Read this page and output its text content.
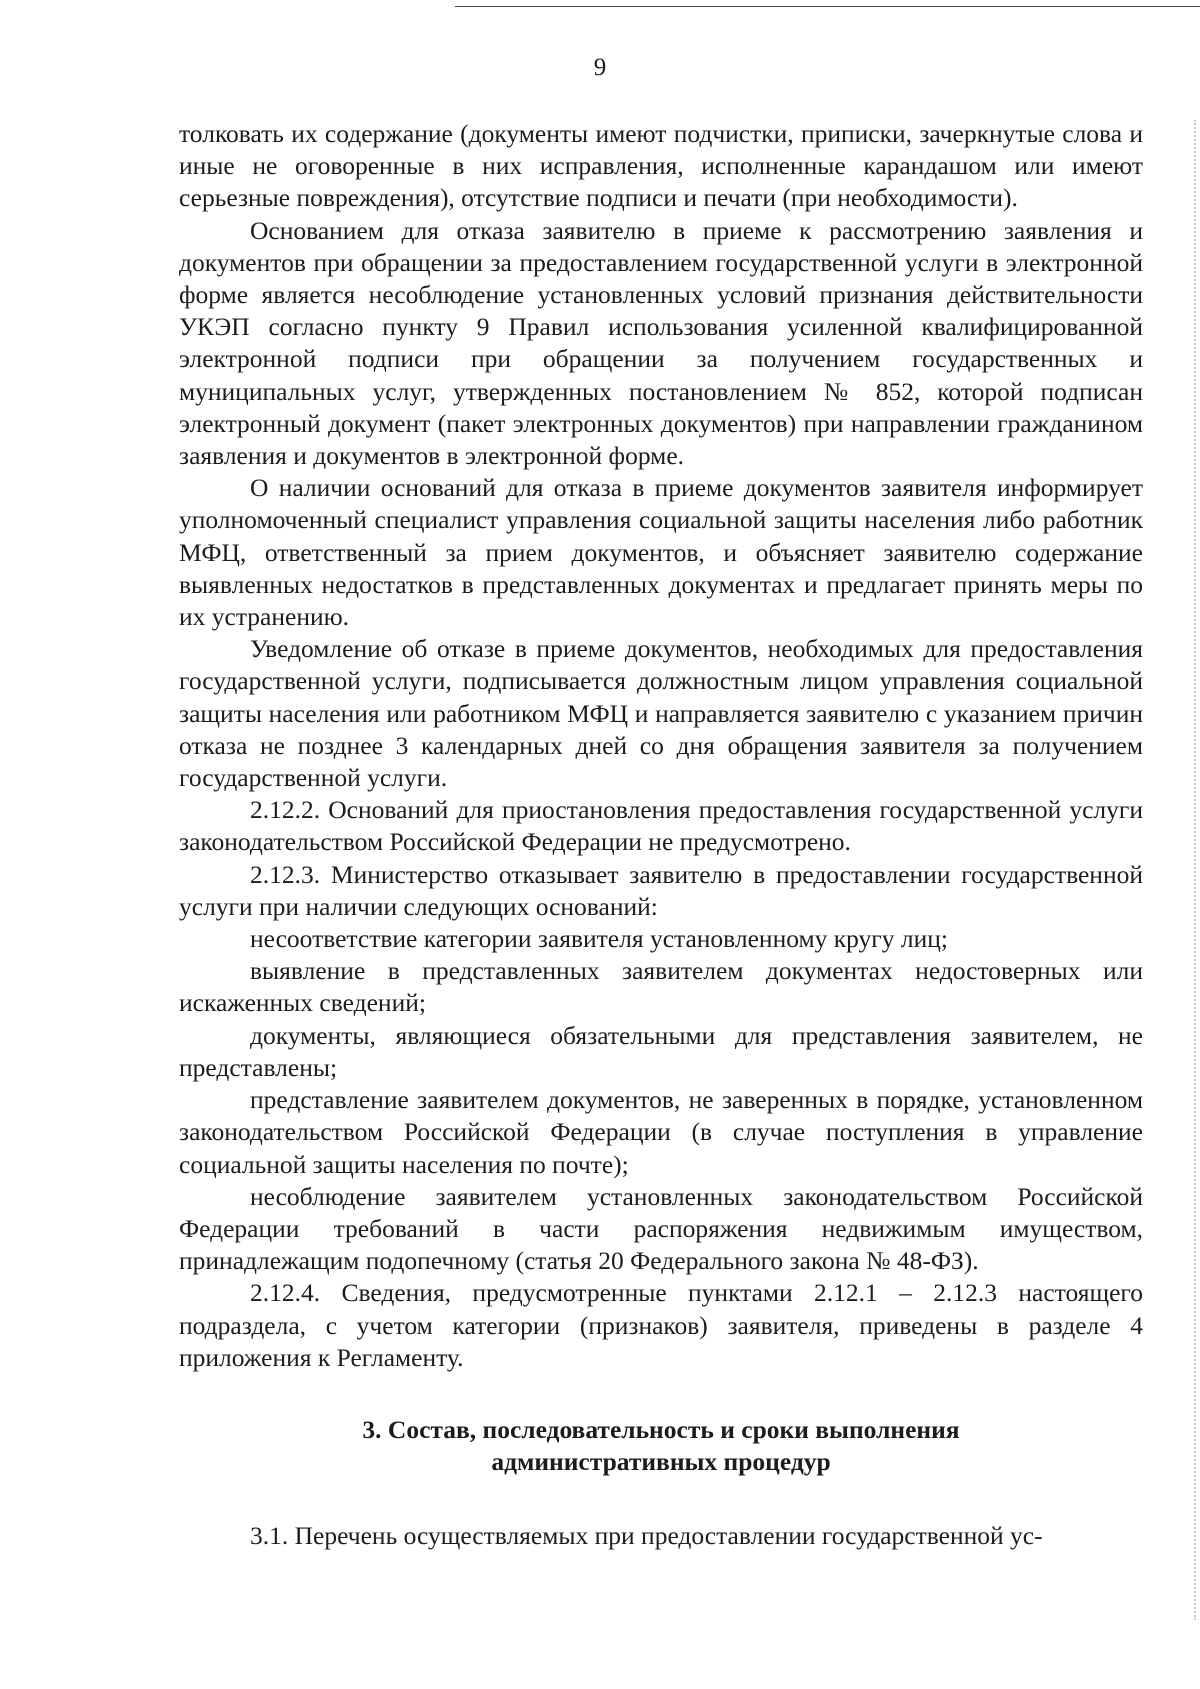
9

толковать их содержание (документы имеют подчистки, приписки, зачеркнутые слова и иные не оговоренные в них исправления, исполненные карандашом или имеют серьезные повреждения), отсутствие подписи и печати (при необходимости).

Основанием для отказа заявителю в приеме к рассмотрению заявления и документов при обращении за предоставлением государственной услуги в электронной форме является несоблюдение установленных условий признания действительности УКЭП согласно пункту 9 Правил использования усиленной квалифицированной электронной подписи при обращении за получением государственных и муниципальных услуг, утвержденных постановлением № 852, которой подписан электронный документ (пакет электронных документов) при направлении гражданином заявления и документов в электронной форме.

О наличии оснований для отказа в приеме документов заявителя информирует уполномоченный специалист управления социальной защиты населения либо работник МФЦ, ответственный за прием документов, и объясняет заявителю содержание выявленных недостатков в представленных документах и предлагает принять меры по их устранению.

Уведомление об отказе в приеме документов, необходимых для предоставления государственной услуги, подписывается должностным лицом управления социальной защиты населения или работником МФЦ и направляется заявителю с указанием причин отказа не позднее 3 календарных дней со дня обращения заявителя за получением государственной услуги.

2.12.2. Оснований для приостановления предоставления государственной услуги законодательством Российской Федерации не предусмотрено.

2.12.3. Министерство отказывает заявителю в предоставлении государственной услуги при наличии следующих оснований:

несоответствие категории заявителя установленному кругу лиц;

выявление в представленных заявителем документах недостоверных или искаженных сведений;

документы, являющиеся обязательными для представления заявителем, не представлены;

представление заявителем документов, не заверенных в порядке, установленном законодательством Российской Федерации (в случае поступления в управление социальной защиты населения по почте);

несоблюдение заявителем установленных законодательством Российской Федерации требований в части распоряжения недвижимым имуществом, принадлежащим подопечному (статья 20 Федерального закона № 48-ФЗ).

2.12.4. Сведения, предусмотренные пунктами 2.12.1 – 2.12.3 настоящего подраздела, с учетом категории (признаков) заявителя, приведены в разделе 4 приложения к Регламенту.

3. Состав, последовательность и сроки выполнения
административных процедур

3.1. Перечень осуществляемых при предоставлении государственной ус-
